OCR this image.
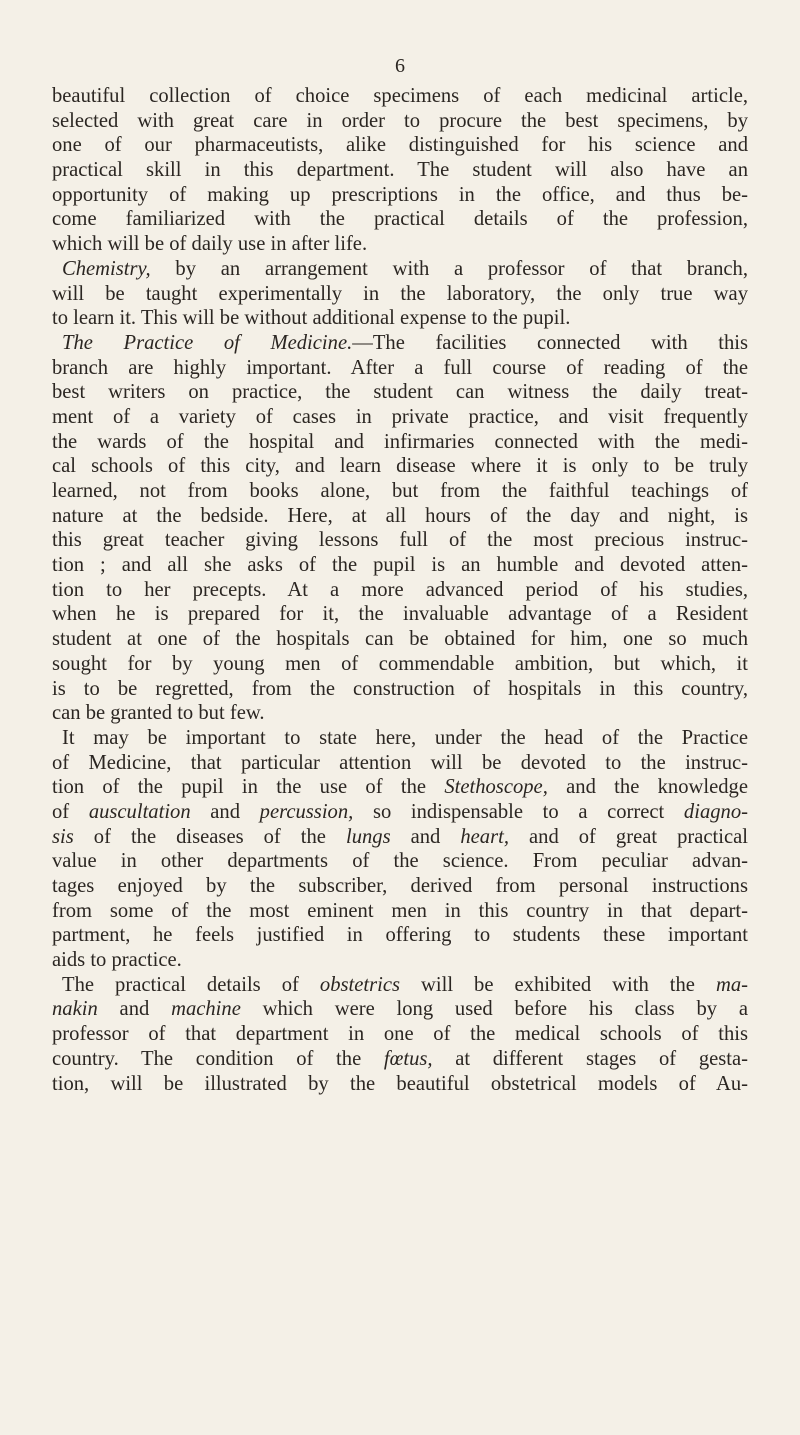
6
beautiful collection of choice specimens of each medicinal article,
selected with great care in order to procure the best specimens, by
one of our pharmaceutists, alike distinguished for his science and
practical skill in this department. The student will also have an
opportunity of making up prescriptions in the office, and thus be-
come familiarized with the practical details of the profession,
which will be of daily use in after life.
Chemistry, by an arrangement with a professor of that branch,
will be taught experimentally in the laboratory, the only true way
to learn it. This will be without additional expense to the pupil.
The Practice of Medicine.—The facilities connected with this
branch are highly important. After a full course of reading of the
best writers on practice, the student can witness the daily treat-
ment of a variety of cases in private practice, and visit frequently
the wards of the hospital and infirmaries connected with the medi-
cal schools of this city, and learn disease where it is only to be truly
learned, not from books alone, but from the faithful teachings of
nature at the bedside. Here, at all hours of the day and night, is
this great teacher giving lessons full of the most precious instruc-
tion ; and all she asks of the pupil is an humble and devoted atten-
tion to her precepts. At a more advanced period of his studies,
when he is prepared for it, the invaluable advantage of a Resident
student at one of the hospitals can be obtained for him, one so much
sought for by young men of commendable ambition, but which, it
is to be regretted, from the construction of hospitals in this country,
can be granted to but few.
It may be important to state here, under the head of the Practice
of Medicine, that particular attention will be devoted to the instruc-
tion of the pupil in the use of the Stethoscope, and the knowledge
of auscultation and percussion, so indispensable to a correct diagno-
sis of the diseases of the lungs and heart, and of great practical
value in other departments of the science. From peculiar advan-
tages enjoyed by the subscriber, derived from personal instructions
from some of the most eminent men in this country in that depart-
partment, he feels justified in offering to students these important
aids to practice.
The practical details of obstetrics will be exhibited with the ma-
nakin and machine which were long used before his class by a
professor of that department in one of the medical schools of this
country. The condition of the fœtus, at different stages of gesta-
tion, will be illustrated by the beautiful obstetrical models of Au-
